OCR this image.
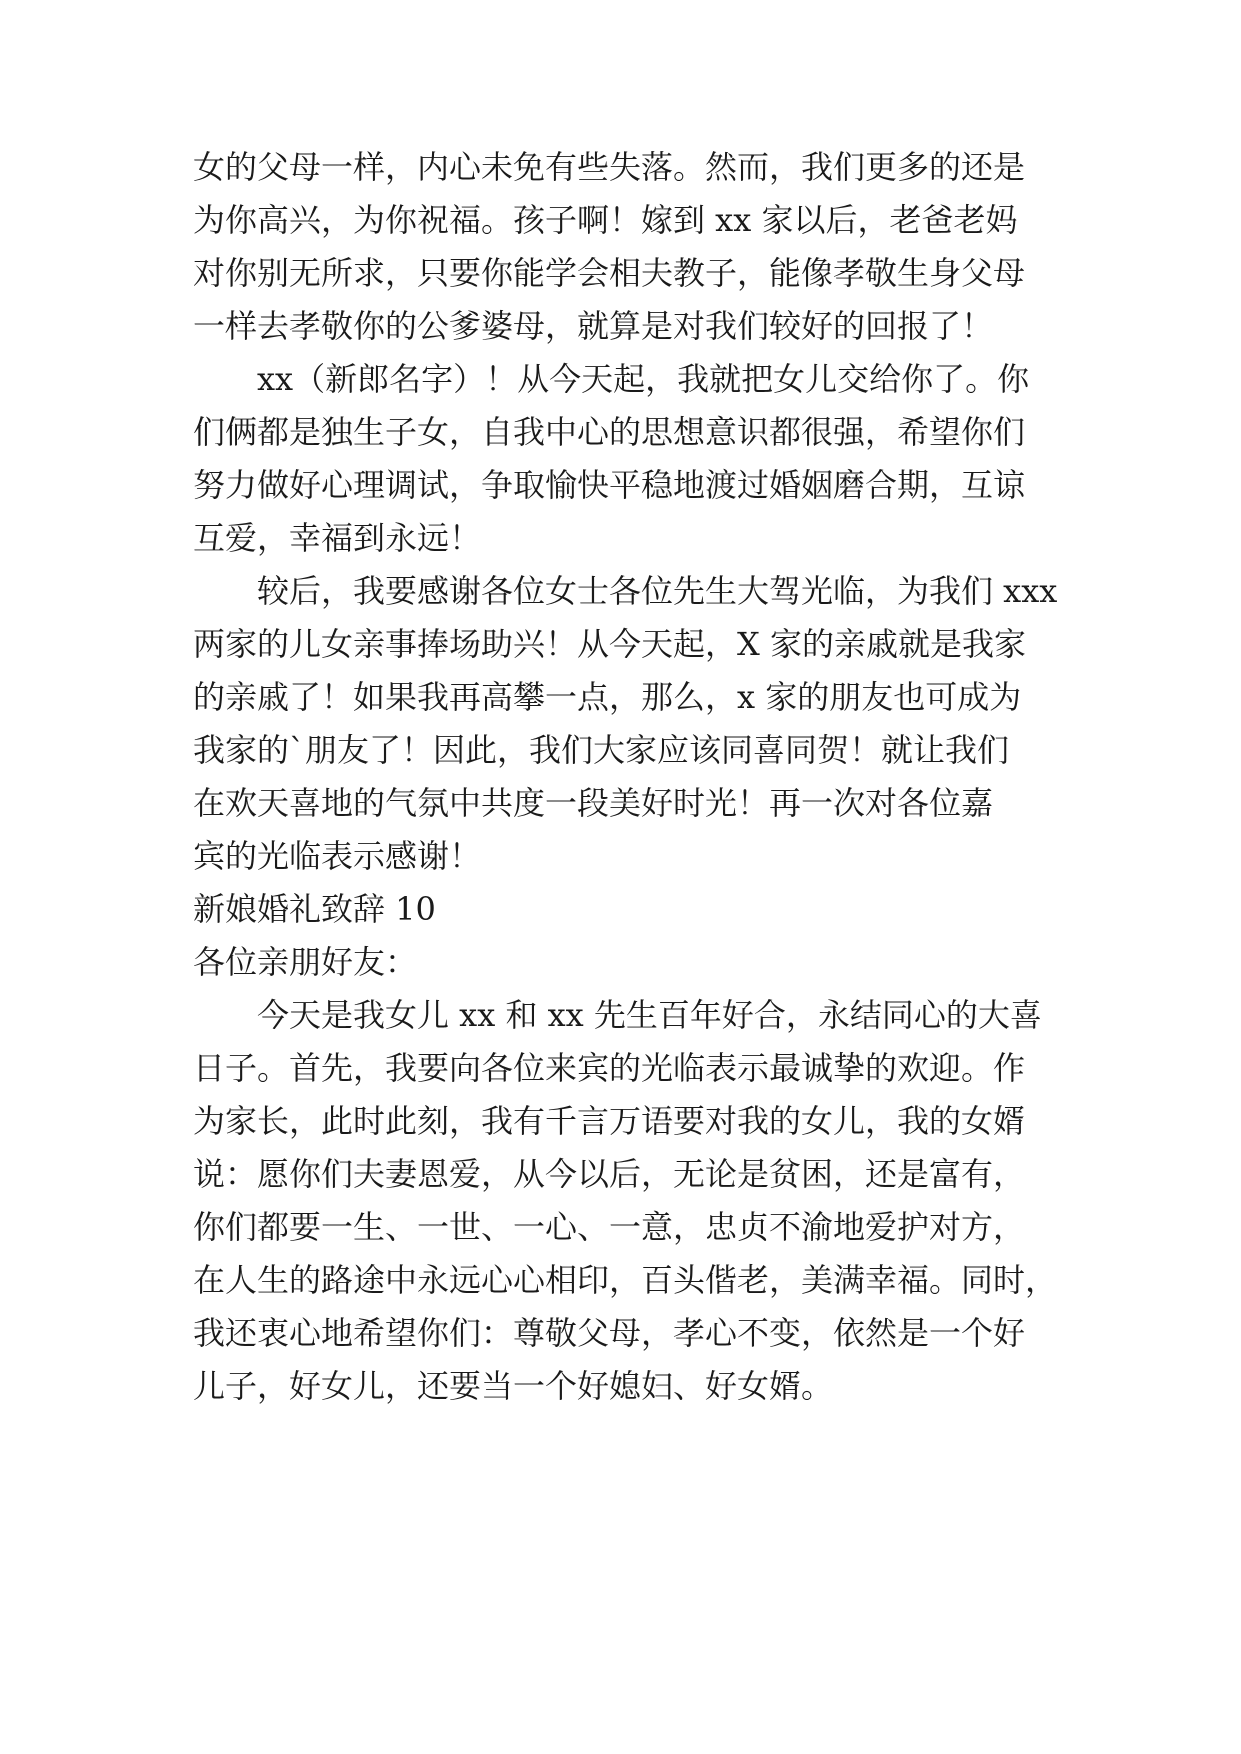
女的父母一样，内心未免有些失落。然而，我们更多的还是
为你高兴，为你祝福。孩子啊！嫁到 xx 家以后，老爸老妈
对你别无所求，只要你能学会相夫教子，能像孝敬生身父母
一样去孝敬你的公爹婆母，就算是对我们较好的回报了！
xx（新郎名字）！从今天起，我就把女儿交给你了。你
们俩都是独生子女，自我中心的思想意识都很强，希望你们
努力做好心理调试，争取愉快平稳地渡过婚姻磨合期，互谅
互爱，幸福到永远！
较后，我要感谢各位女士各位先生大驾光临，为我们 xxx
两家的儿女亲事捧场助兴！从今天起，X 家的亲戚就是我家
的亲戚了！如果我再高攀一点，那么，x 家的朋友也可成为
我家的`朋友了！因此，我们大家应该同喜同贺！就让我们
在欢天喜地的气氛中共度一段美好时光！再一次对各位嘉
宾的光临表示感谢！
新娘婚礼致辞 10
各位亲朋好友：
今天是我女儿 xx 和 xx 先生百年好合，永结同心的大喜
日子。首先，我要向各位来宾的光临表示最诚挚的欢迎。作
为家长，此时此刻，我有千言万语要对我的女儿，我的女婿
说：愿你们夫妻恩爱，从今以后，无论是贫困，还是富有，
你们都要一生、一世、一心、一意，忠贞不渝地爱护对方，
在人生的路途中永远心心相印，百头偕老，美满幸福。同时，
我还衷心地希望你们：尊敬父母，孝心不变，依然是一个好
儿子，好女儿，还要当一个好媳妇、好女婿。
